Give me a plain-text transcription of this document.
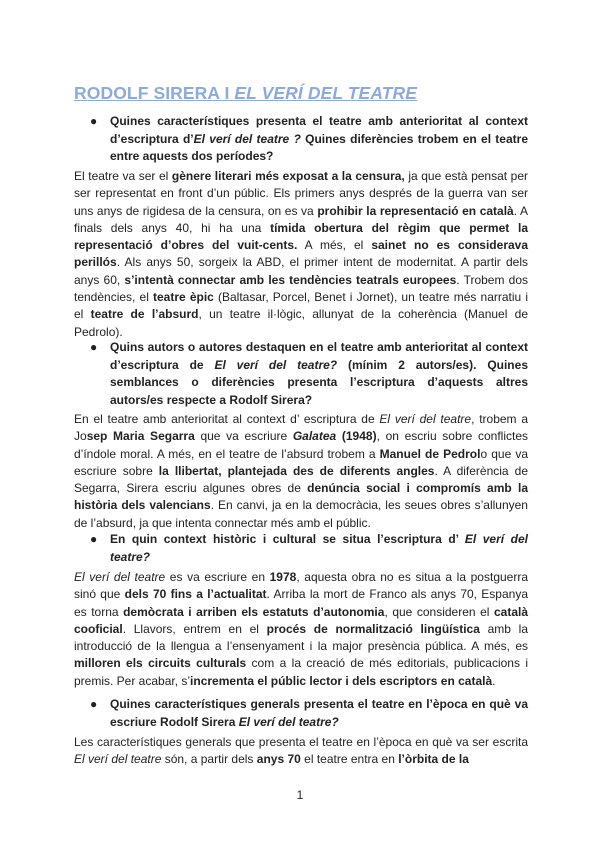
RODOLF SIRERA I EL VERÍ DEL TEATRE

● Quines característiques presenta el teatre amb anterioritat al context d’escriptura d’El verí del teatre ? Quines diferències trobem en el teatre entre aquests dos períodes?

El teatre va ser el gènere literari més exposat a la censura, ja que està pensat per ser representat en front d’un públic. Els primers anys després de la guerra van ser uns anys de rigidesa de la censura, on es va prohibir la representació en català. A finals dels anys 40, hi ha una tímida obertura del règim que permet la representació d’obres del vuit-cents. A més, el sainet no es considerava perillós. Als anys 50, sorgeix la ABD, el primer intent de modernitat. A partir dels anys 60, s’intentà connectar amb les tendències teatrals europees. Trobem dos tendències, el teatre èpic (Baltasar, Porcel, Benet i Jornet), un teatre més narratiu i el teatre de l’absurd, un teatre il·lògic, allunyat de la coherència (Manuel de Pedrolo).

● Quins autors o autores destaquen en el teatre amb anterioritat al context d’escriptura de El verí del teatre? (mínim 2 autors/es). Quines semblances o diferències presenta l’escriptura d’aquests altres autors/es respecte a Rodolf Sirera?

En el teatre amb anterioritat al context d’ escriptura de El verí del teatre, trobem a Josep Maria Segarra que va escriure Galatea (1948), on escriu sobre conflictes d’índole moral. A més, en el teatre de l’absurd trobem a Manuel de Pedrolo que va escriure sobre la llibertat, plantejada des de diferents angles. A diferència de Segarra, Sirera escriu algunes obres de denúncia social i compromís amb la història dels valencians. En canvi, ja en la democràcia, les seues obres s’allunyen de l’absurd, ja que intenta connectar més amb el públic.

● En quin context històric i cultural se situa l’escriptura d’ El verí del teatre?

El verí del teatre es va escriure en 1978, aquesta obra no es situa a la postguerra sinó que dels 70 fins a l’actualitat. Arriba la mort de Franco als anys 70, Espanya es torna demòcrata i arriben els estatuts d’autonomia, que consideren el català cooficial. Llavors, entrem en el procés de normalització lingüística amb la introducció de la llengua a l’ensenyament i la major presència pública. A més, es milloren els circuits culturals com a la creació de més editorials, publicacions i premis. Per acabar, s’incrementa el públic lector i dels escriptors en català.

● Quines característiques generals presenta el teatre en l’època en què va escriure Rodolf Sirera El verí del teatre?

Les característiques generals que presenta el teatre en l’època en què va ser escrita El verí del teatre són, a partir dels anys 70 el teatre entra en l’òrbita de la

1
